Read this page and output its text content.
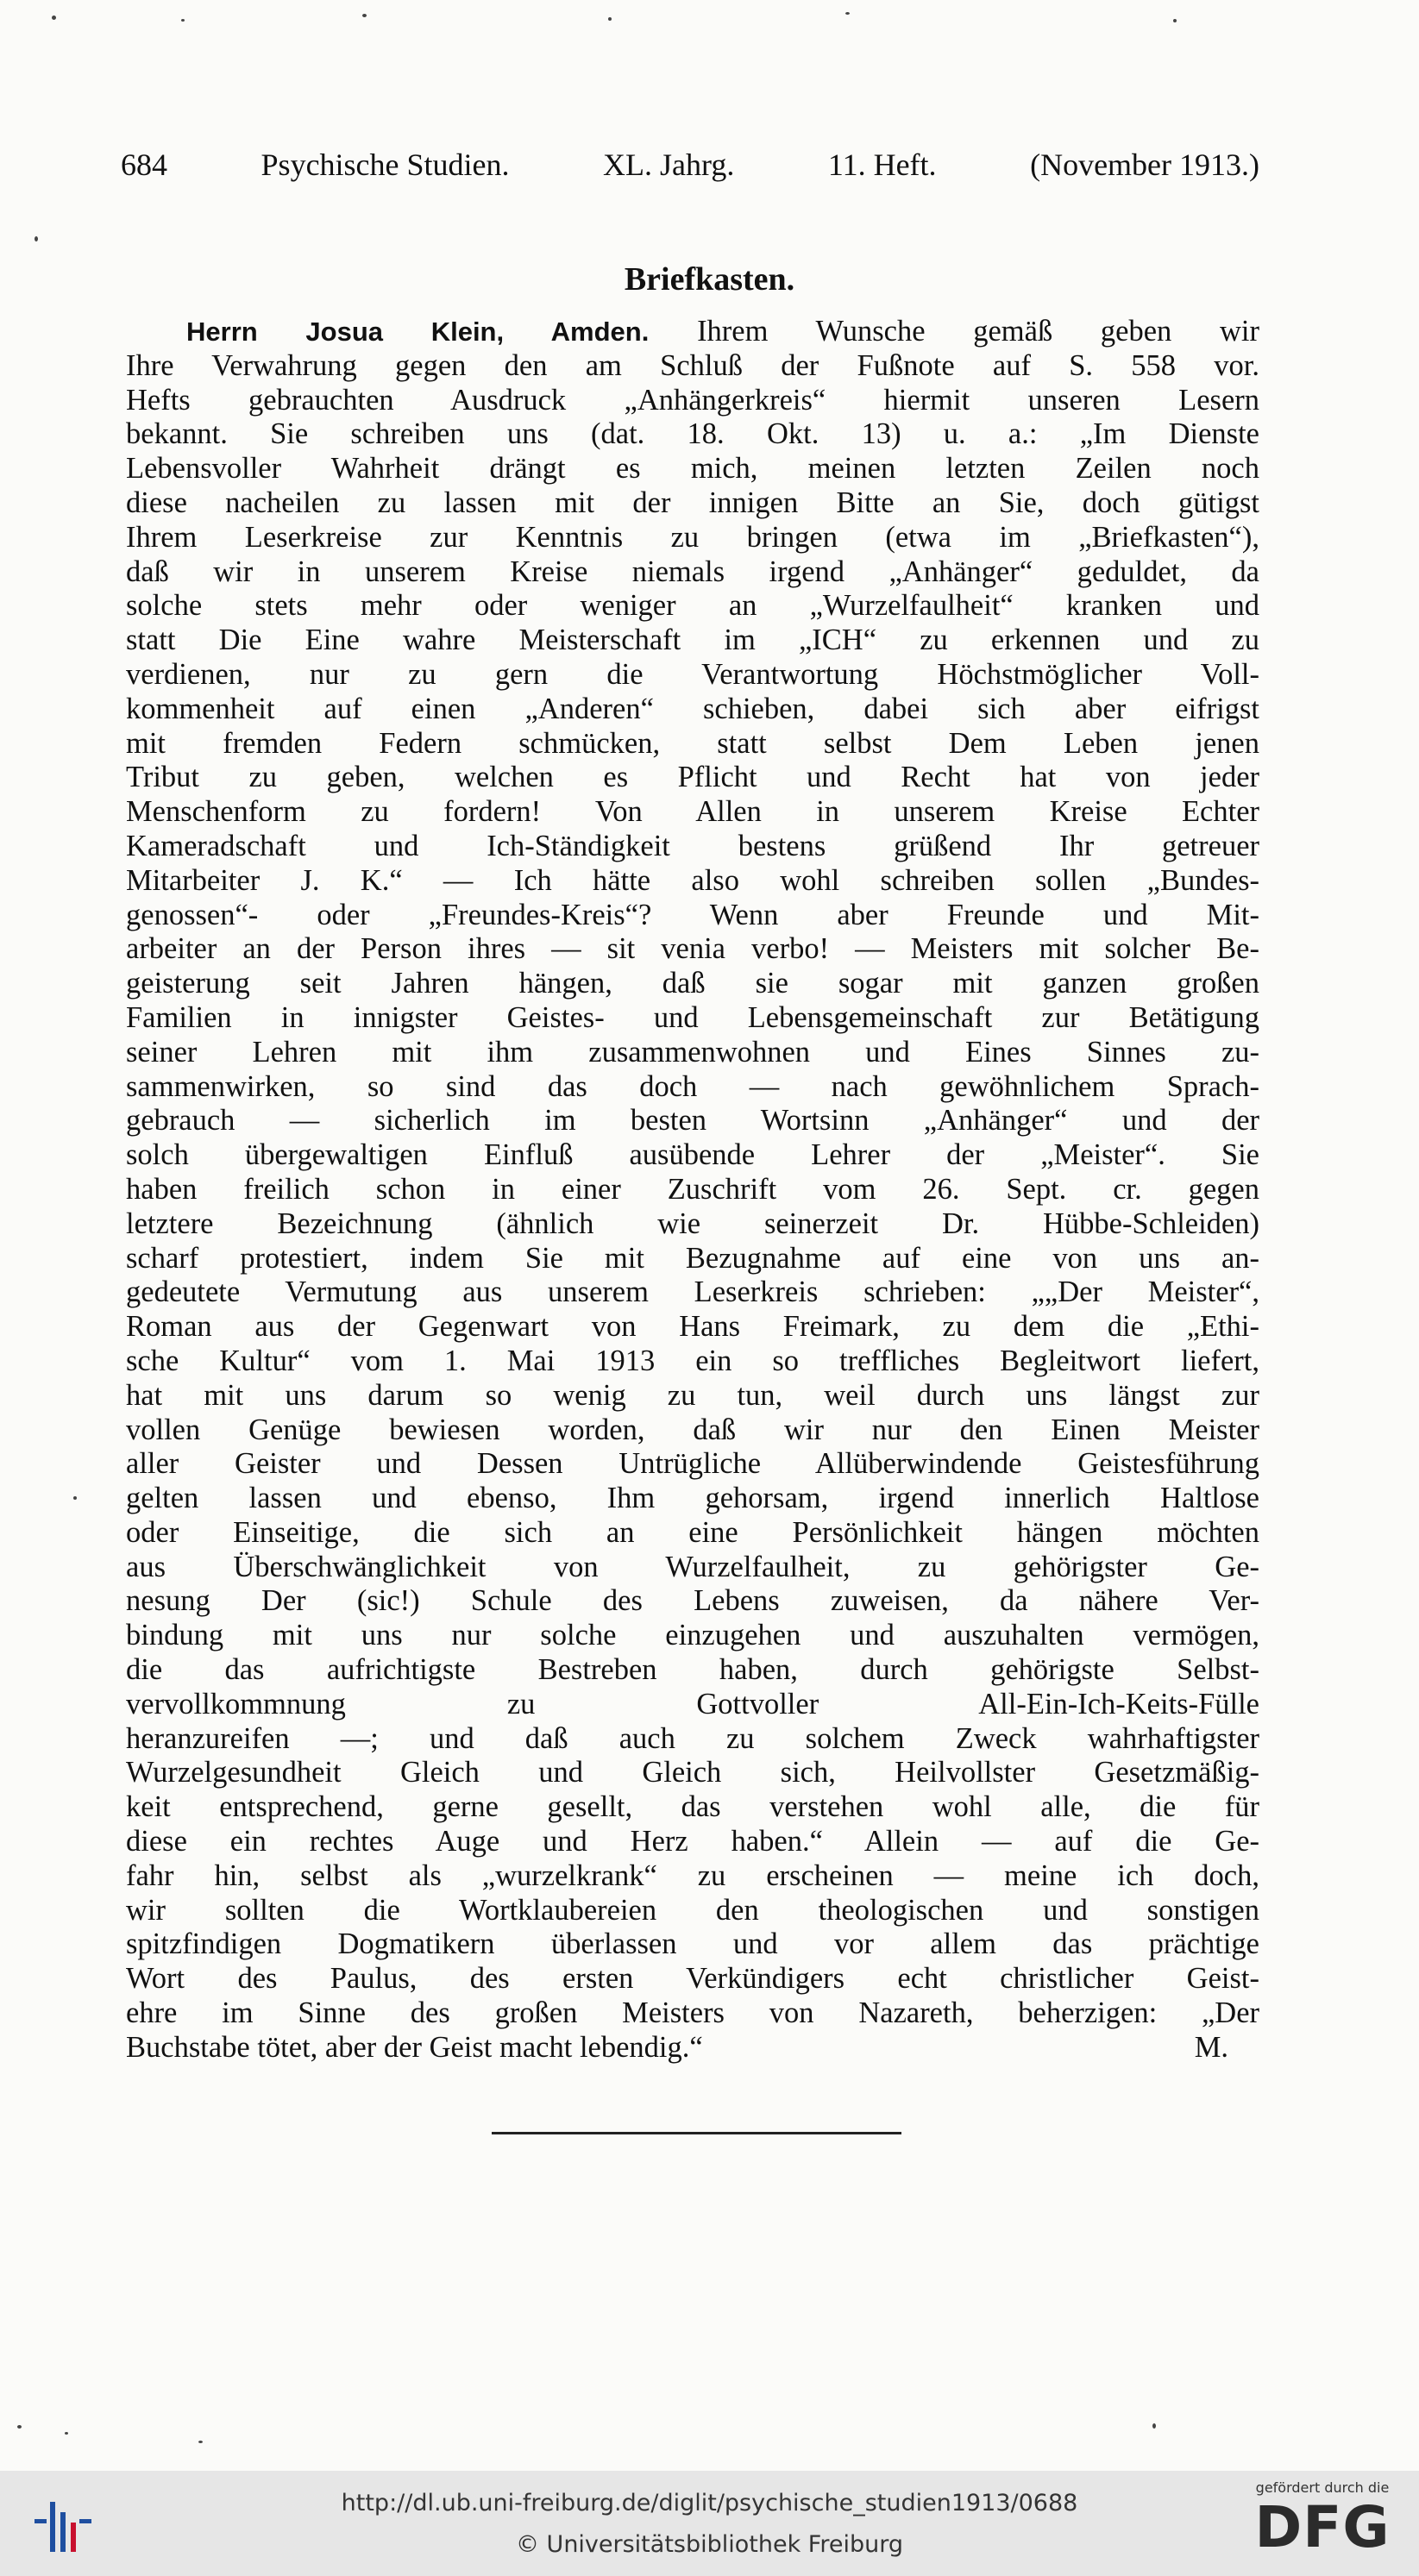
684	Psychische Studien.	XL. Jahrg.	11. Heft.	(November 1913.)
Briefkasten.
Herrn Josua Klein, Amden. Ihrem Wunsche gemäß geben wir
Ihre Verwahrung gegen den am Schluß der Fußnote auf S. 558 vor.
Hefts gebrauchten Ausdruck „Anhängerkreis“ hiermit unseren Lesern
bekannt. Sie schreiben uns (dat. 18. Okt. 13) u. a.: „Im Dienste
Lebensvoller Wahrheit drängt es mich, meinen letzten Zeilen noch
diese nacheilen zu lassen mit der innigen Bitte an Sie, doch gütigst
Ihrem Leserkreise zur Kenntnis zu bringen (etwa im „Briefkasten“),
daß wir in unserem Kreise niemals irgend „Anhänger“ geduldet, da
solche stets mehr oder weniger an „Wurzelfaulheit“ kranken und
statt Die Eine wahre Meisterschaft im „ICH“ zu erkennen und zu
verdienen, nur zu gern die Verantwortung Höchstmöglicher Voll-
kommenheit auf einen „Anderen“ schieben, dabei sich aber eifrigst
mit fremden Federn schmücken, statt selbst Dem Leben jenen
Tribut zu geben, welchen es Pflicht und Recht hat von jeder
Menschenform zu fordern! Von Allen in unserem Kreise Echter
Kameradschaft und Ich-Ständigkeit bestens grüßend Ihr getreuer
Mitarbeiter J. K.“ — Ich hätte also wohl schreiben sollen „Bundes-
genossen“- oder „Freundes-Kreis“? Wenn aber Freunde und Mit-
arbeiter an der Person ihres — sit venia verbo! — Meisters mit solcher Be-
geisterung seit Jahren hängen, daß sie sogar mit ganzen großen
Familien in innigster Geistes- und Lebensgemeinschaft zur Betätigung
seiner Lehren mit ihm zusammenwohnen und Eines Sinnes zu-
sammenwirken, so sind das doch — nach gewöhnlichem Sprach-
gebrauch — sicherlich im besten Wortsinn „Anhänger“ und der
solch übergewaltigen Einfluß ausübende Lehrer der „Meister“. Sie
haben freilich schon in einer Zuschrift vom 26. Sept. cr. gegen
letztere Bezeichnung (ähnlich wie seinerzeit Dr. Hübbe-Schleiden)
scharf protestiert, indem Sie mit Bezugnahme auf eine von uns an-
gedeutete Vermutung aus unserem Leserkreis schrieben: „„Der Meister“,
Roman aus der Gegenwart von Hans Freimark, zu dem die „Ethi-
sche Kultur“ vom 1. Mai 1913 ein so treffliches Begleitwort liefert,
hat mit uns darum so wenig zu tun, weil durch uns längst zur
vollen Genüge bewiesen worden, daß wir nur den Einen Meister
aller Geister und Dessen Untrügliche Allüberwindende Geistesführung
gelten lassen und ebenso, Ihm gehorsam, irgend innerlich Haltlose
oder Einseitige, die sich an eine Persönlichkeit hängen möchten
aus Überschwänglichkeit von Wurzelfaulheit, zu gehörigster Ge-
nesung Der (sic!) Schule des Lebens zuweisen, da nähere Ver-
bindung mit uns nur solche einzugehen und auszuhalten vermögen,
die das aufrichtigste Bestreben haben, durch gehörigste Selbst-
vervollkommnung zu Gottvoller All-Ein-Ich-Keits-Fülle
heranzureifen —; und daß auch zu solchem Zweck wahrhaftigster
Wurzelgesundheit Gleich und Gleich sich, Heilvollster Gesetzmäßig-
keit entsprechend, gerne gesellt, das verstehen wohl alle, die für
diese ein rechtes Auge und Herz haben.“ Allein — auf die Ge-
fahr hin, selbst als „wurzelkrank“ zu erscheinen — meine ich doch,
wir sollten die Wortklaubereien den theologischen und sonstigen
spitzfindigen Dogmatikern überlassen und vor allem das prächtige
Wort des Paulus, des ersten Verkündigers echt christlicher Geist-
ehre im Sinne des großen Meisters von Nazareth, beherzigen: „Der
Buchstabe tötet, aber der Geist macht lebendig.“	M.
http://dl.ub.uni-freiburg.de/diglit/psychische_studien1913/0688
© Universitätsbibliothek Freiburg
gefördert durch die
DFG
